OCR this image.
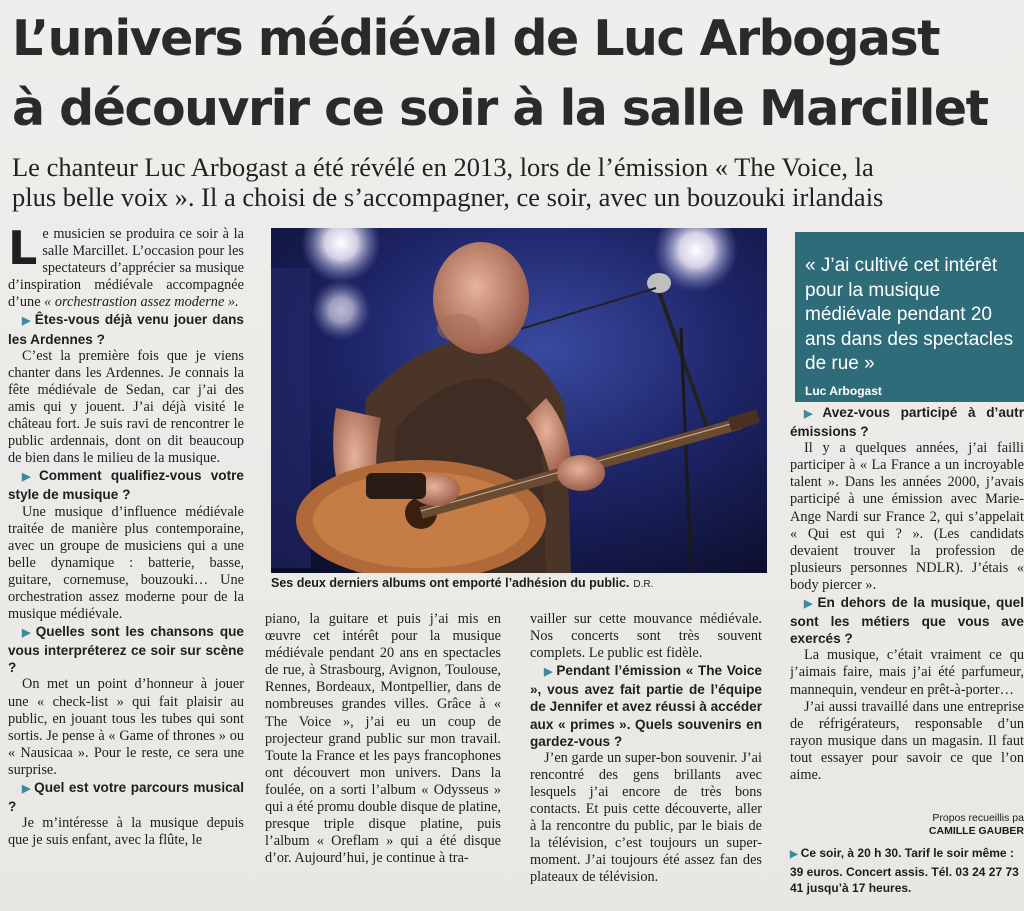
L’univers médiéval de Luc Arbogast
à découvrir ce soir à la salle Marcillet

Le chanteur Luc Arbogast a été révélé en 2013, lors de l’émission « The Voice, la
plus belle voix ». Il a choisi de s’accompagner, ce soir, avec un bouzouki irlandais

Le musicien se produira ce soir à la salle Marcillet. L’occasion pour les spectateurs d’apprécier sa musique d’inspiration médiévale accompagnée d’une « orchestrastion assez moderne ».

▶ Êtes-vous déjà venu jouer dans les Ardennes ?

C’est la première fois que je viens chanter dans les Ardennes. Je connais la fête médiévale de Sedan, car j’ai des amis qui y jouent. J’ai déjà visité le château fort. Je suis ravi de rencontrer le public ardennais, dont on dit beaucoup de bien dans le milieu de la musique.

▶ Comment qualifiez-vous votre style de musique ?

Une musique d’influence médiévale traitée de manière plus contemporaine, avec un groupe de musiciens qui a une belle dynamique : batterie, basse, guitare, cornemuse, bouzouki… Une orchestration assez moderne pour de la musique médiévale.

▶ Quelles sont les chansons que vous interpréterez ce soir sur scène ?

On met un point d’honneur à jouer une « check-list » qui fait plaisir au public, en jouant tous les tubes qui sont sortis. Je pense à « Game of thrones » ou « Nausicaa ». Pour le reste, ce sera une surprise.

▶ Quel est votre parcours musical ?

Je m’intéresse à la musique depuis que je suis enfant, avec la flûte, le

Ses deux derniers albums ont emporté l’adhésion du public. D.R.

piano, la guitare et puis j’ai mis en œuvre cet intérêt pour la musique médiévale pendant 20 ans en spectacles de rue, à Strasbourg, Avignon, Toulouse, Rennes, Bordeaux, Montpellier, dans de nombreuses grandes villes. Grâce à « The Voice », j’ai eu un coup de projecteur grand public sur mon travail. Toute la France et les pays francophones ont découvert mon univers. Dans la foulée, on a sorti l’album « Odysseus » qui a été promu double disque de platine, presque triple disque platine, puis l’album « Oreflam » qui a été disque d’or. Aujourd’hui, je continue à tra-

vailler sur cette mouvance médiévale. Nos concerts sont très souvent complets. Le public est fidèle.

▶ Pendant l’émission « The Voice », vous avez fait partie de l’équipe de Jennifer et avez réussi à accéder aux « primes ». Quels souvenirs en gardez-vous ?

J’en garde un super-bon souvenir. J’ai rencontré des gens brillants avec lesquels j’ai encore de très bons contacts. Et puis cette découverte, aller à la rencontre du public, par le biais de la télévision, c’est toujours un super-moment. J’ai toujours été assez fan des plateaux de télévision.

« J’ai cultivé cet intérêt pour la musique médiévale pendant 20 ans dans des spectacles de rue »

Luc Arbogast

▶ Avez-vous participé à d’autr émissions ?

Il y a quelques années, j’ai failli participer à « La France a un incroyable talent ». Dans les années 2000, j’avais participé à une émission avec Marie-Ange Nardi sur France 2, qui s’appelait « Qui est qui ? ». (Les candidats devaient trouver la profession de plusieurs personnes NDLR). J’étais « body piercer ».

▶ En dehors de la musique, quel sont les métiers que vous ave exercés ?

La musique, c’était vraiment ce qu j’aimais faire, mais j’ai été parfumeur, mannequin, vendeur en prêt-à-porter…

J’ai aussi travaillé dans une entreprise de réfrigérateurs, responsable d’un rayon musique dans un magasin. Il faut tout essayer pour savoir ce que l’on aime.

Propos recueillis pa
CAMILLE GAUBER
▶ Ce soir, à 20 h 30. Tarif le soir même : 39 euros. Concert assis. Tél. 03 24 27 73 41 jusqu’à 17 heures.
